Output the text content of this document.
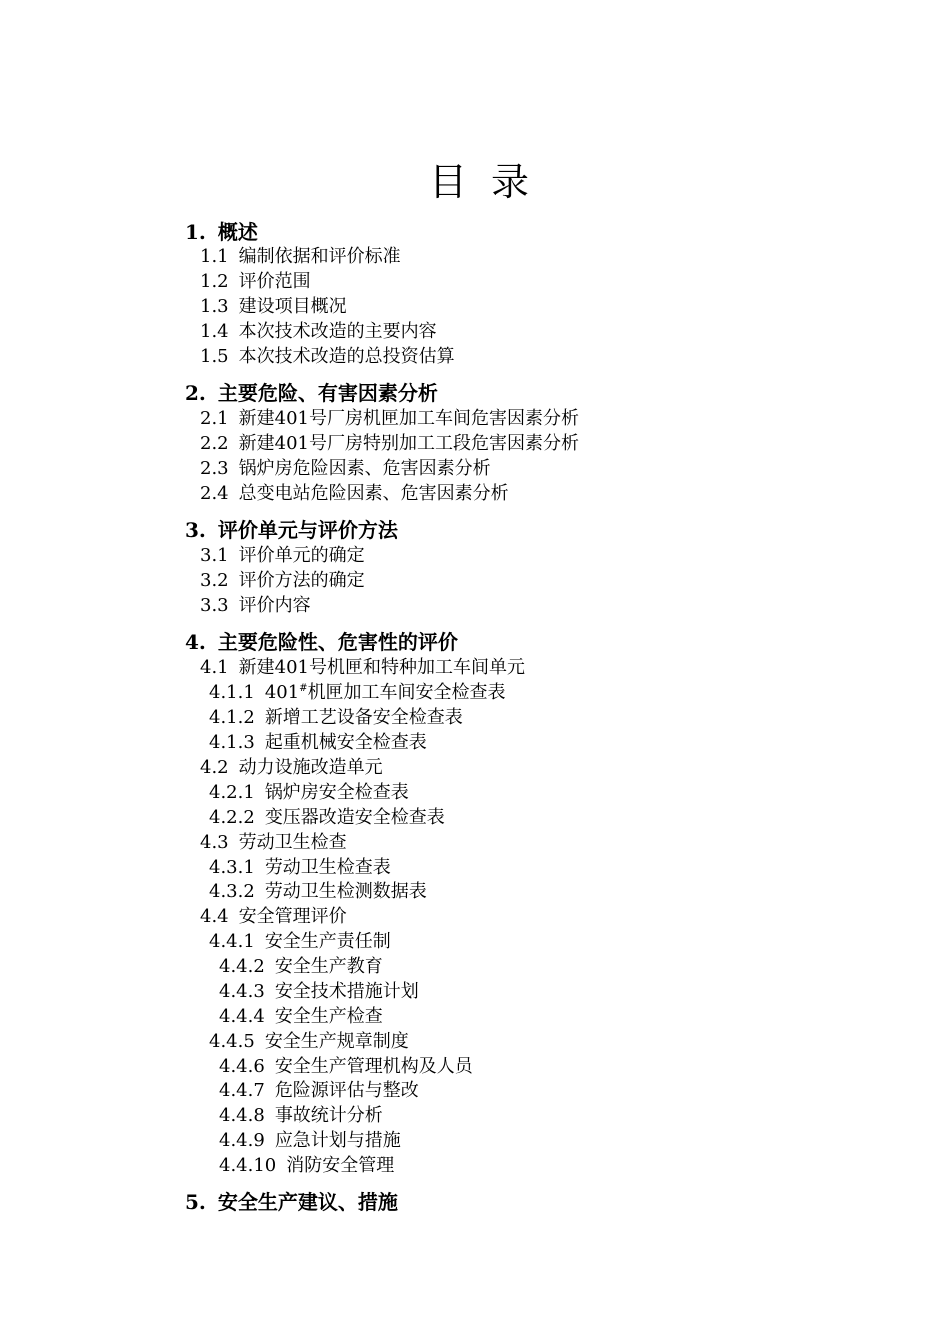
目 录
1. 概述
1.1 编制依据和评价标准
1.2 评价范围
1.3 建设项目概况
1.4 本次技术改造的主要内容
1.5 本次技术改造的总投资估算
2. 主要危险、有害因素分析
2.1 新建401号厂房机匣加工车间危害因素分析
2.2 新建401号厂房特别加工工段危害因素分析
2.3 锅炉房危险因素、危害因素分析
2.4 总变电站危险因素、危害因素分析
3. 评价单元与评价方法
3.1 评价单元的确定
3.2 评价方法的确定
3.3 评价内容
4. 主要危险性、危害性的评价
4.1 新建401号机匣和特种加工车间单元
4.1.1 401#机匣加工车间安全检查表
4.1.2 新增工艺设备安全检查表
4.1.3 起重机械安全检查表
4.2 动力设施改造单元
4.2.1 锅炉房安全检查表
4.2.2 变压器改造安全检查表
4.3 劳动卫生检查
4.3.1 劳动卫生检查表
4.3.2 劳动卫生检测数据表
4.4 安全管理评价
4.4.1 安全生产责任制
4.4.2 安全生产教育
4.4.3 安全技术措施计划
4.4.4 安全生产检查
4.4.5 安全生产规章制度
4.4.6 安全生产管理机构及人员
4.4.7 危险源评估与整改
4.4.8 事故统计分析
4.4.9 应急计划与措施
4.4.10 消防安全管理
5. 安全生产建议、措施
